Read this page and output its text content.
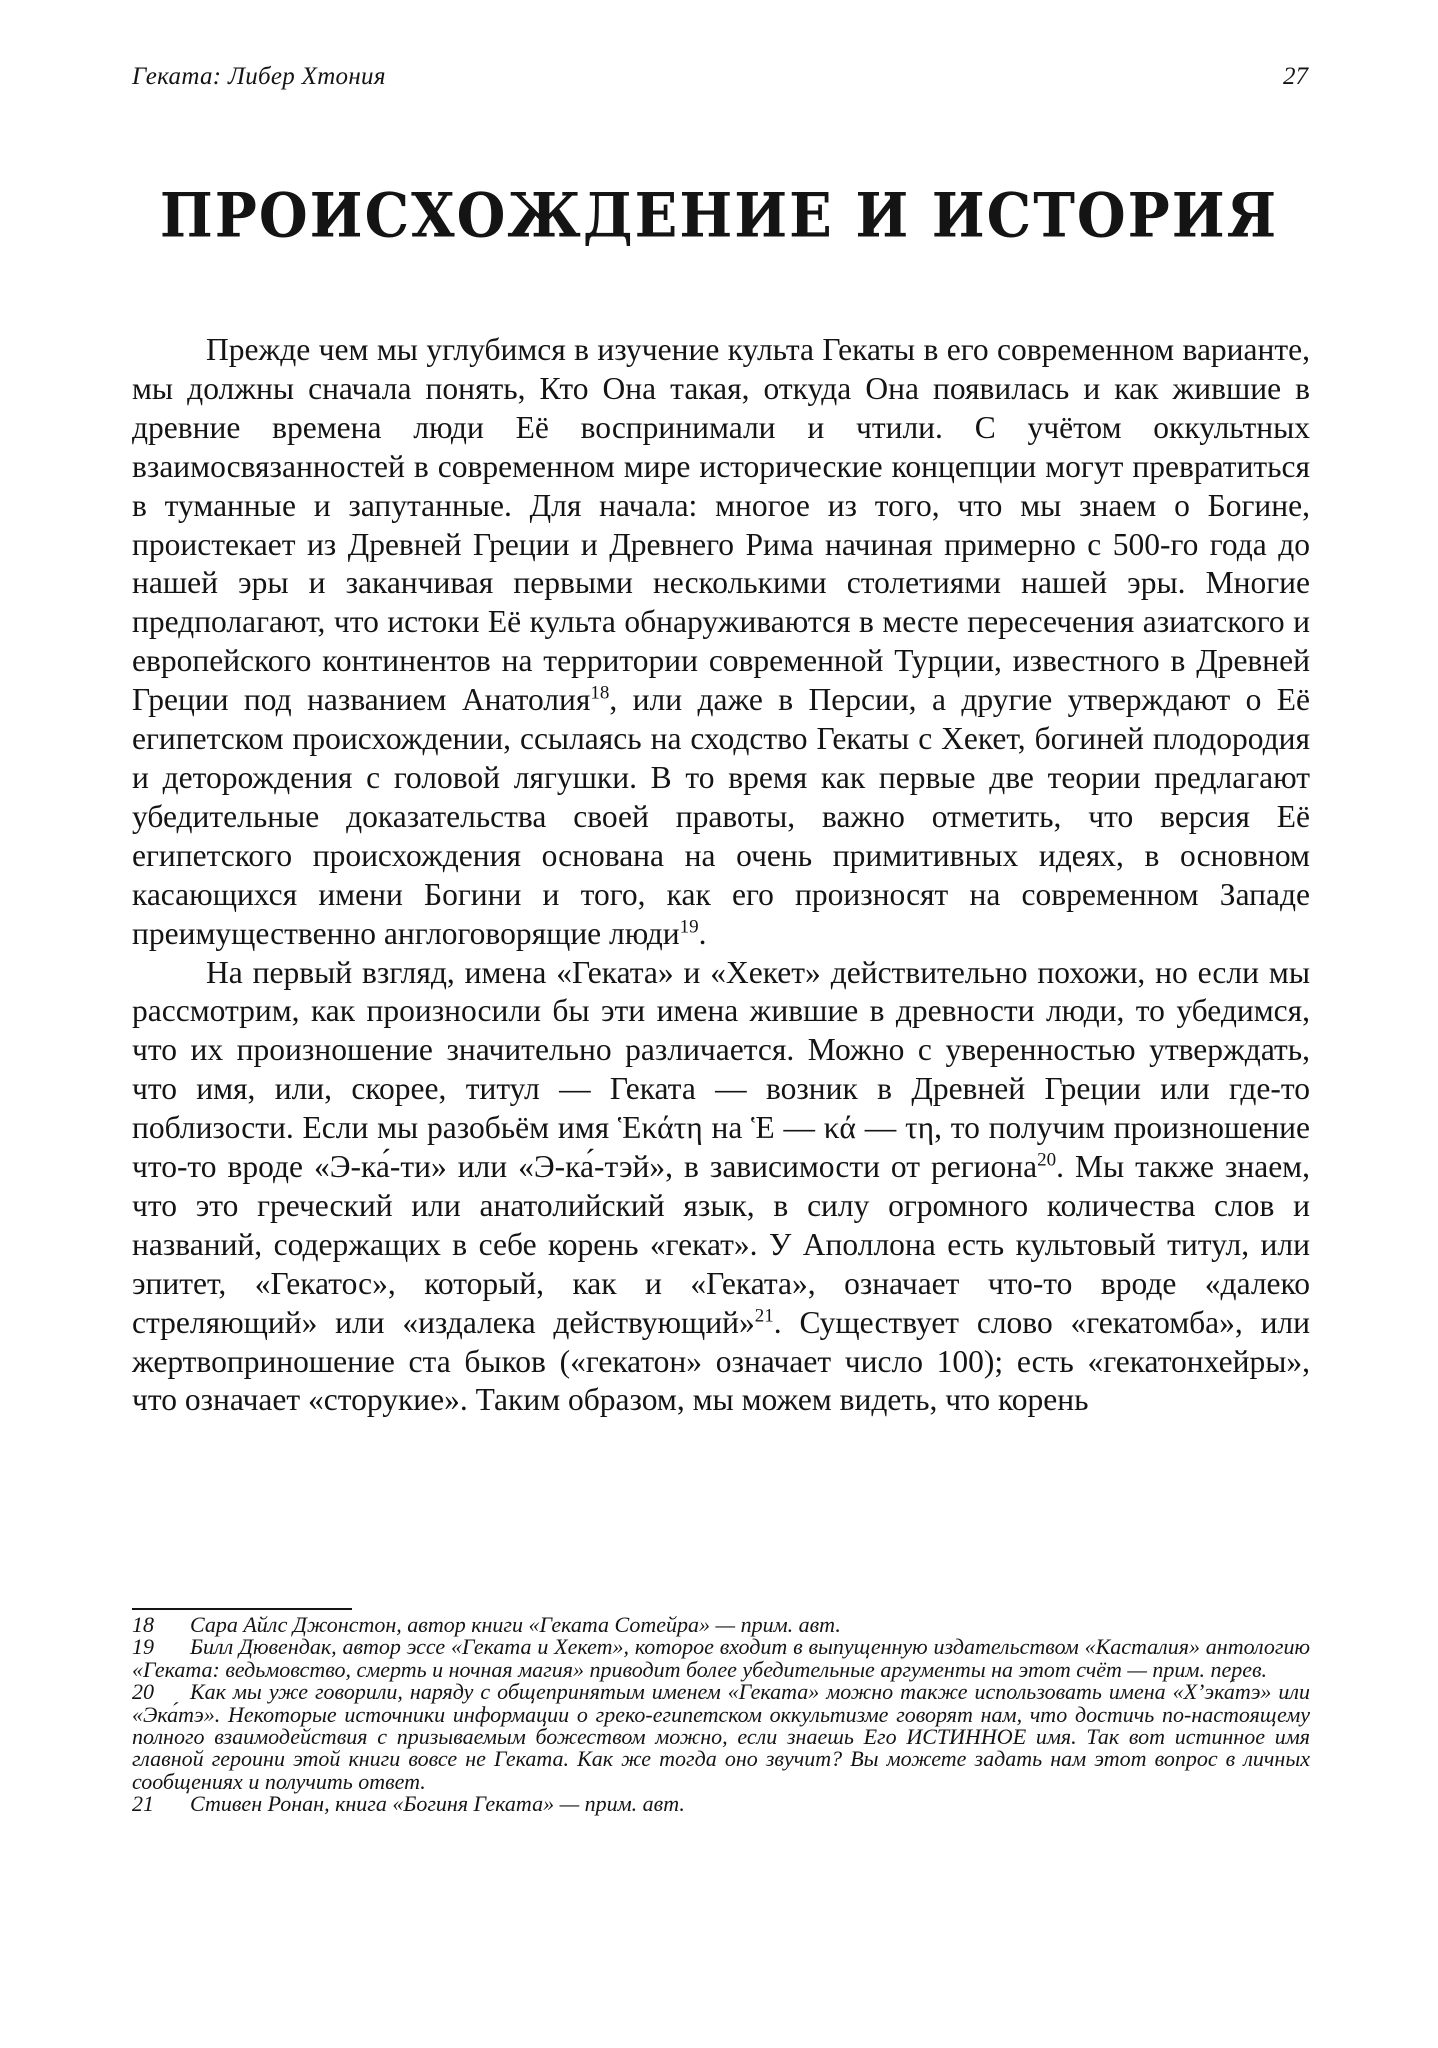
Геката: Либер Хтония	27
ПРОИСХОЖДЕНИЕ И ИСТОРИЯ

Прежде чем мы углубимся в изучение культа Гекаты в его современном варианте, мы должны сначала понять, Кто Она такая, откуда Она появилась и как жившие в древние времена люди Её воспринимали и чтили. С учётом оккультных взаимосвязанностей в современном мире исторические концепции могут превратиться в туманные и запутанные. Для начала: многое из того, что мы знаем о Богине, проистекает из Древней Греции и Древнего Рима начиная примерно с 500-го года до нашей эры и заканчивая первыми несколькими столетиями нашей эры. Многие предполагают, что истоки Её культа обнаруживаются в месте пересечения азиатского и европейского континентов на территории современной Турции, известного в Древней Греции под названием Анатолия$^{18}$, или даже в Персии, а другие утверждают о Её египетском происхождении, ссылаясь на сходство Гекаты с Хекет, богиней плодородия и деторождения с головой лягушки. В то время как первые две теории предлагают убедительные доказательства своей правоты, важно отметить, что версия Её египетского происхождения основана на очень примитивных идеях, в основном касающихся имени Богини и того, как его произносят на современном Западе преимущественно англоговорящие люди$^{19}$.

На первый взгляд, имена «Геката» и «Хекет» действительно похожи, но если мы рассмотрим, как произносили бы эти имена жившие в древности люди, то убедимся, что их произношение значительно различается. Можно с уверенностью утверждать, что имя, или, скорее, титул — Геката — возник в Древней Греции или где-то поблизости. Если мы разобьём имя Ἑκάτη на Ἑ — κά — τη, то получим произношение что-то вроде «Э-ка́-ти» или «Э-ка́-тэй», в зависимости от региона$^{20}$. Мы также знаем, что это греческий или анатолийский язык, в силу огромного количества слов и названий, содержащих в себе корень «гекат». У Аполлона есть культовый титул, или эпитет, «Гекатос», который, как и «Геката», означает что-то вроде «далеко стреляющий» или «издалека действующий»$^{21}$. Существует слово «гекатомба», или жертвоприношение ста быков («гекатон» означает число 100); есть «гекатонхейры», что означает «сторукие». Таким образом, мы можем видеть, что корень

18 Сара Айлс Джонстон, автор книги «Геката Сотейра» — прим. авт.

19 Билл Дювендак, автор эссе «Геката и Хекет», которое входит в выпущенную издательством «Касталия» антологию «Геката: ведьмовство, смерть и ночная магия» приводит более убедительные аргументы на этот счёт — прим. перев.

20 Как мы уже говорили, наряду с общепринятым именем «Геката» можно также использовать имена «Х’эка́тэ» или «Эка́тэ». Некоторые источники информации о греко-египетском оккультизме говорят нам, что достичь по-настоящему полного взаимодействия с призываемым божеством можно, если знаешь Его ИСТИННОЕ имя. Так вот истинное имя главной героини этой книги вовсе не Геката. Как же тогда оно звучит? Вы можете задать нам этот вопрос в личных сообщениях и получить ответ.

21 Стивен Ронан, книга «Богиня Геката» — прим. авт.
